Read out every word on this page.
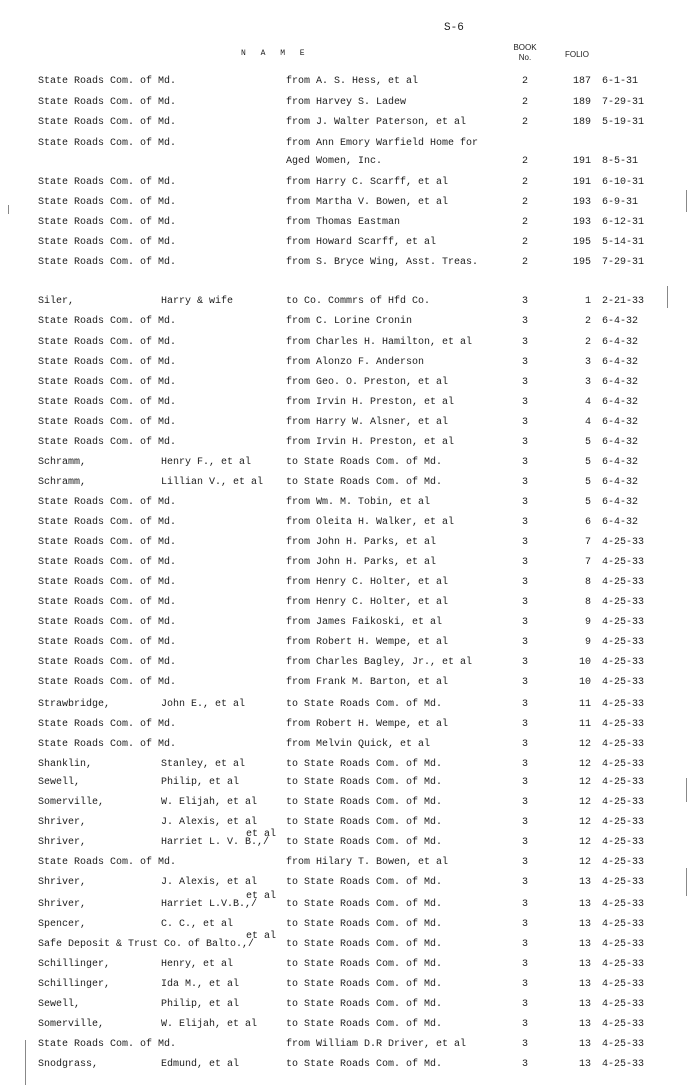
S-6
N A M E
BOOK
No.	FOLIO
State Roads Com. of Md.	from A. S. Hess, et al	2	187 6-1-31
State Roads Com. of Md.	from Harvey S. Ladew	2	189 7-29-31
State Roads Com. of Md.	from J. Walter Paterson, et al	2	189 5-19-31
State Roads Com. of Md.	from Ann Emory Warfield Home for
Aged Women, Inc.	2	191 8-5-31
State Roads Com. of Md.	from Harry C. Scarff, et al	2	191 6-10-31
State Roads Com. of Md.	from Martha V. Bowen, et al	2	193 6-9-31
State Roads Com. of Md.	from Thomas Eastman	2	193 6-12-31
State Roads Com. of Md.	from Howard Scarff, et al	2	195 5-14-31
State Roads Com. of Md.	from S. Bryce Wing, Asst. Treas.	2	195 7-29-31
Siler,	Harry & wife	to Co. Commrs of Hfd Co.	3	1 2-21-33
State Roads Com. of Md.	from C. Lorine Cronin	3	2 6-4-32
State Roads Com. of Md.	from Charles H. Hamilton, et al	3	2 6-4-32
State Roads Com. of Md.	from Alonzo F. Anderson	3	3 6-4-32
State Roads Com. of Md.	from Geo. O. Preston, et al	3	3 6-4-32
State Roads Com. of Md.	from Irvin H. Preston, et al	3	4 6-4-32
State Roads Com. of Md.	from Harry W. Alsner, et al	3	4 6-4-32
State Roads Com. of Md.	from Irvin H. Preston, et al	3	5 6-4-32
Schramm,	Henry F., et al	to State Roads Com. of Md.	3	5 6-4-32
Schramm,	Lillian V., et al to State Roads Com. of Md.	3	5 6-4-32
State Roads Com. of Md.	from Wm. M. Tobin, et al	3	5 6-4-32
State Roads Com. of Md.	from Oleita H. Walker, et al	3	6 6-4-32
State Roads Com. of Md.	from John H. Parks, et al	3	7 4-25-33
State Roads Com. of Md.	from John H. Parks, et al	3	7 4-25-33
State Roads Com. of Md.	from Henry C. Holter, et al	3	8 4-25-33
State Roads Com. of Md.	from Henry C. Holter, et al	3	8 4-25-33
State Roads Com. of Md.	from James Faikoski, et al	3	9 4-25-33
State Roads Com. of Md.	from Robert H. Wempe, et al	3	9 4-25-33
State Roads Com. of Md.	from Charles Bagley, Jr., et al	3	10 4-25-33
State Roads Com. of Md.	from Frank M. Barton, et al	3	10 4-25-33
Strawbridge,	John E., et al	to State Roads Com. of Md.	3	11 4-25-33
State Roads Com. of Md.	from Robert H. Wempe, et al	3	11 4-25-33
State Roads Com. of Md.	from Melvin Quick, et al	3	12 4-25-33
Shanklin,	Stanley, et al	to State Roads Com. of Md.	3	12 4-25-33
Sewell,	Philip, et al	to State Roads Com. of Md.	3	12 4-25-33
Somerville,	W. Elijah, et al	to State Roads Com. of Md.	3	12 4-25-33
Shriver,	J. Alexis, et al	to State Roads Com. of Md.	3	12 4-25-33
Shriver,	Harriet L. V. B.,/ to State Roads Com. of Md.	3	12 4-25-33
et al
State Roads Com. of Md.	from Hilary T. Bowen, et al	3	12 4-25-33
Shriver,	J. Alexis, et al	to State Roads Com. of Md.	3	13 4-25-33
Shriver,	Harriet L.V.B.,/	to State Roads Com. of Md.	3	13 4-25-33
et al
Spencer,	C. C., et al	to State Roads Com. of Md.	3	13 4-25-33
Safe Deposit & Trust Co. of Balto.,/	to State Roads Com. of Md.	3	13 4-25-33
et al
Schillinger,	Henry, et al	to State Roads Com. of Md.	3	13 4-25-33
Schillinger,	Ida M., et al	to State Roads Com. of Md.	3	13 4-25-33
Sewell,	Philip, et al	to State Roads Com. of Md.	3	13 4-25-33
Somerville,	W. Elijah, et al	to State Roads Com. of Md.	3	13 4-25-33
State Roads Com. of Md.	from William D.R Driver, et al	3	13 4-25-33
Snodgrass,	Edmund, et al	to State Roads Com. of Md.	3	13 4-25-33
